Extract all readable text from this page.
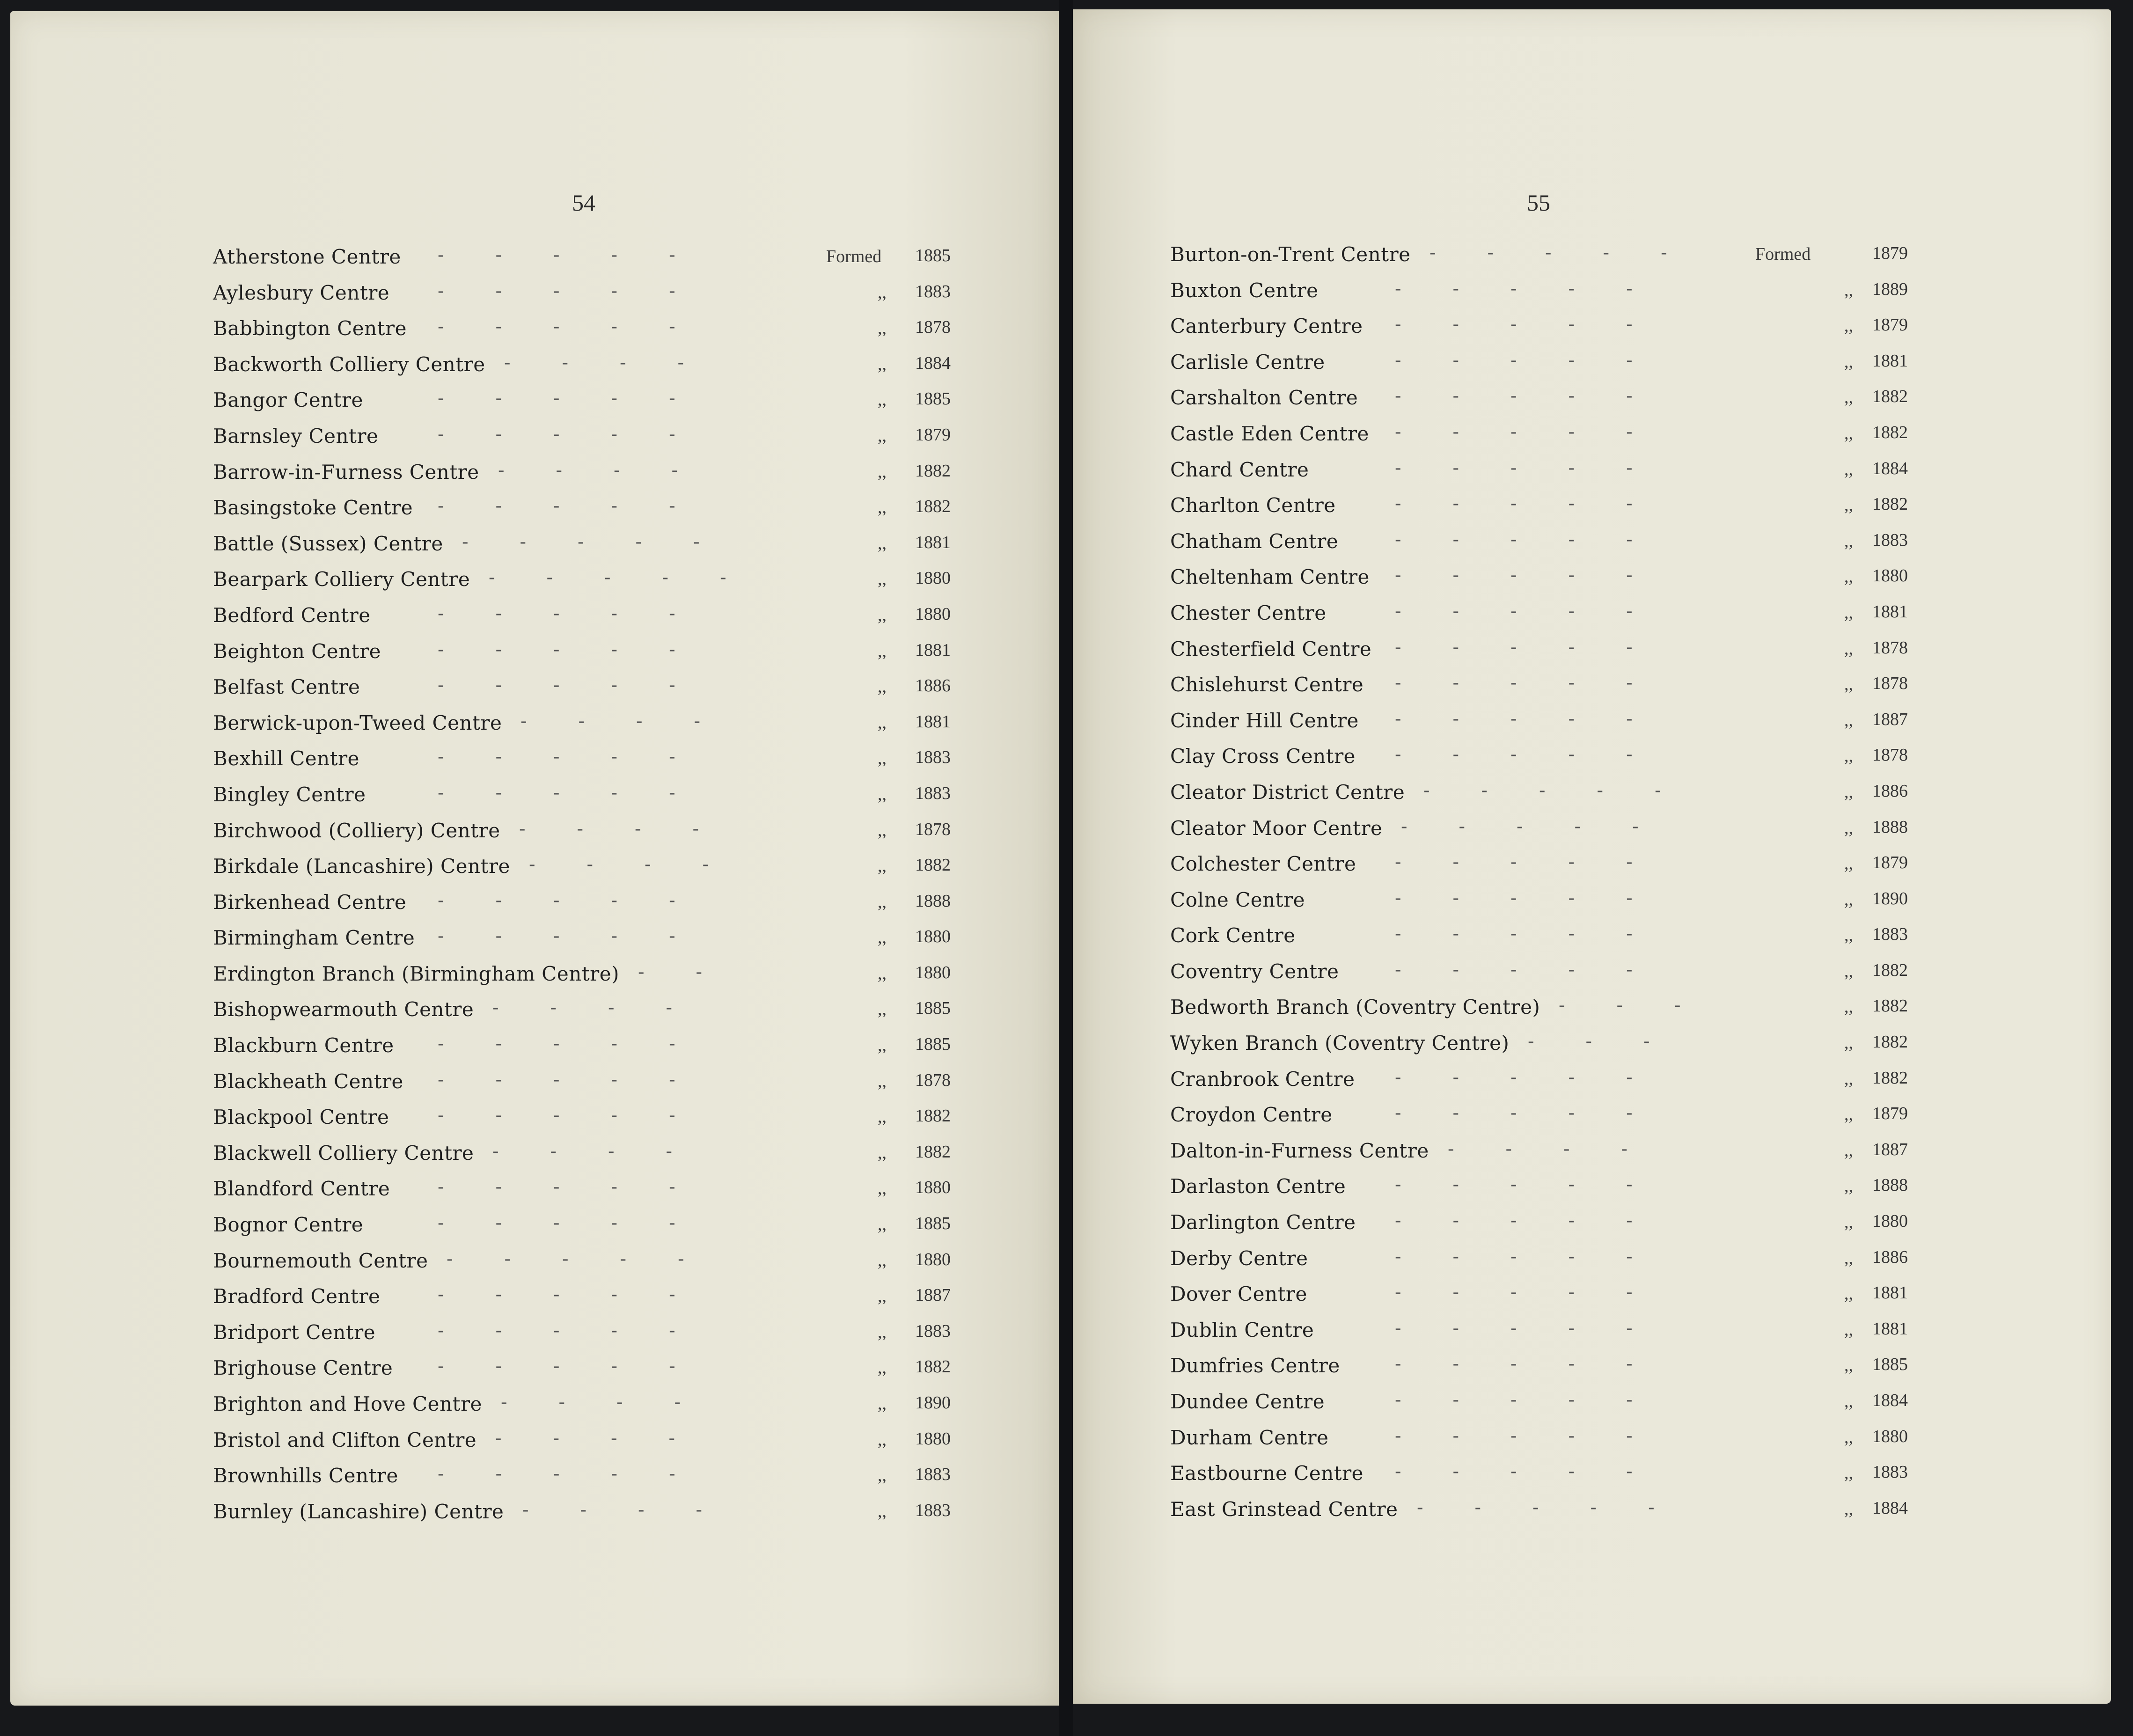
54	55
Atherstone Centre -----	Formed 1885
Aylesbury Centre	-----	,, 1883
Babbington Centre -----	,, 1878
Backworth Colliery Centre ----	,, 1884
Bangor Centre	-----	,, 1885
Barnsley Centre	-----	,, 1879
Barrow-in-Furness Centre ----	,, 1882
Basingstoke Centre -----	,, 1882
Battle (Sussex) Centre -----	,, 1881
Bearpark Colliery Centre -----	,, 1880
Bedford Centre	-----	,, 1880
Beighton Centre	-----	,, 1881
Belfast Centre	-----	,, 1886
Berwick-upon-Tweed Centre ----	,, 1881
Bexhill Centre	-----	,, 1883
Bingley Centre	-----	,, 1883
Birchwood (Colliery) Centre ----	,, 1878
Birkdale (Lancashire) Centre ----	,, 1882
Birkenhead Centre -----	,, 1888
Birmingham Centre -----	,, 1880
Erdington Branch (Birmingham Centre) --	,, 1880
Bishopwearmouth Centre ----	,, 1885
Blackburn Centre -----	,, 1885
Blackheath Centre -----	,, 1878
Blackpool Centre	-----	,, 1882
Blackwell Colliery Centre ----	,, 1882
Blandford Centre	-----	,, 1880
Bognor Centre	-----	,, 1885
Bournemouth Centre -----	,, 1880
Bradford Centre	-----	,, 1887
Bridport Centre	-----	,, 1883
Brighouse Centre -----	,, 1882
Brighton and Hove Centre ----	,, 1890
Bristol and Clifton Centre ----	,, 1880
Brownhills Centre -----	,, 1883
Burnley (Lancashire) Centre ----	,, 1883
Burton-on-Trent Centre -----	Formed	1879
Buxton Centre	-----	,, 1889
Canterbury Centre -----	,, 1879
Carlisle Centre	-----	,, 1881
Carshalton Centre -----	,, 1882
Castle Eden Centre -----	,, 1882
Chard Centre	-----	,, 1884
Charlton Centre	-----	,, 1882
Chatham Centre	-----	,, 1883
Cheltenham Centre -----	,, 1880
Chester Centre	-----	,, 1881
Chesterfield Centre -----	,, 1878
Chislehurst Centre -----	,, 1878
Cinder Hill Centre -----	,, 1887
Clay Cross Centre -----	,, 1878
Cleator District Centre -----	,, 1886
Cleator Moor Centre -----	,, 1888
Colchester Centre -----	,, 1879
Colne Centre	-----	,, 1890
Cork Centre	-----	,, 1883
Coventry Centre	-----	,, 1882
Bedworth Branch (Coventry Centre) ---	,, 1882
Wyken Branch (Coventry Centre) ---	,, 1882
Cranbrook Centre -----	,, 1882
Croydon Centre	-----	,, 1879
Dalton-in-Furness Centre ----	,, 1887
Darlaston Centre	-----	,, 1888
Darlington Centre -----	,, 1880
Derby Centre	-----	,, 1886
Dover Centre	-----	,, 1881
Dublin Centre	-----	,, 1881
Dumfries Centre	-----	,, 1885
Dundee Centre	-----	,, 1884
Durham Centre	-----	,, 1880
Eastbourne Centre -----	,, 1883
East Grinstead Centre -----	,, 1884
